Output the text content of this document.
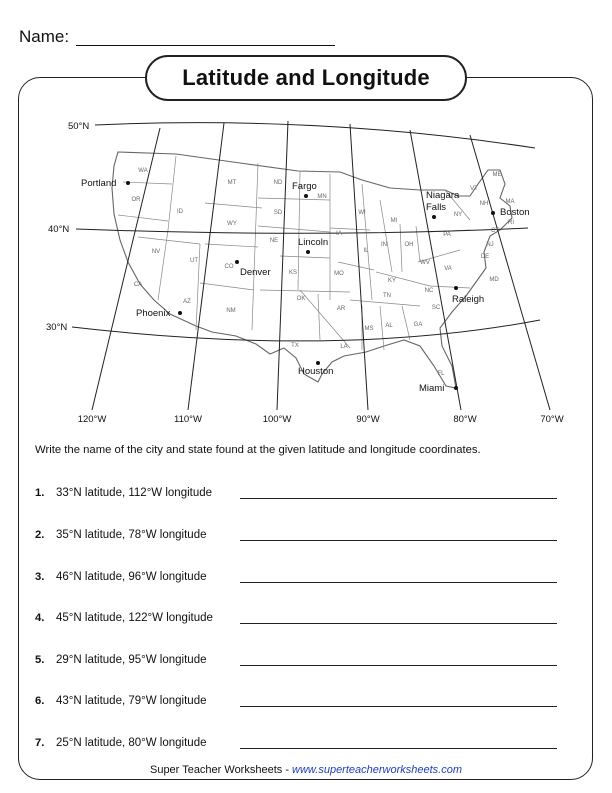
Name:
Latitude and Longitude
50°N
40°N
30°N
120°W	110°W	100°W	90°W	80°W	70°W
WA
OR
CA
NV
ID
MT
WY
UT
AZ
CO
NM
ND
SD
NE
KS
OK
TX
MN
IA
MO
AR
LA
WI
IL
MS
MI
IN
KY
TN
AL
OH
WV
VA
NC
SC
GA
FL
PA
NY
VT
NH
ME
MA
CT
RI
NJ
DE
MD
Portland	Fargo
Niagara
Falls	Boston
Lincoln
Denver
Phoenix
Raleigh
Houston
Miami
Write the name of the city and state found at the given latitude and longitude coordinates.
1. 33°N latitude, 112°W longitude
2. 35°N latitude, 78°W longitude
3. 46°N latitude, 96°W longitude
4. 45°N latitude, 122°W longitude
5. 29°N latitude, 95°W longitude
6. 43°N latitude, 79°W longitude
7. 25°N latitude, 80°W longitude
Super Teacher Worksheets - www.superteacherworksheets.com
